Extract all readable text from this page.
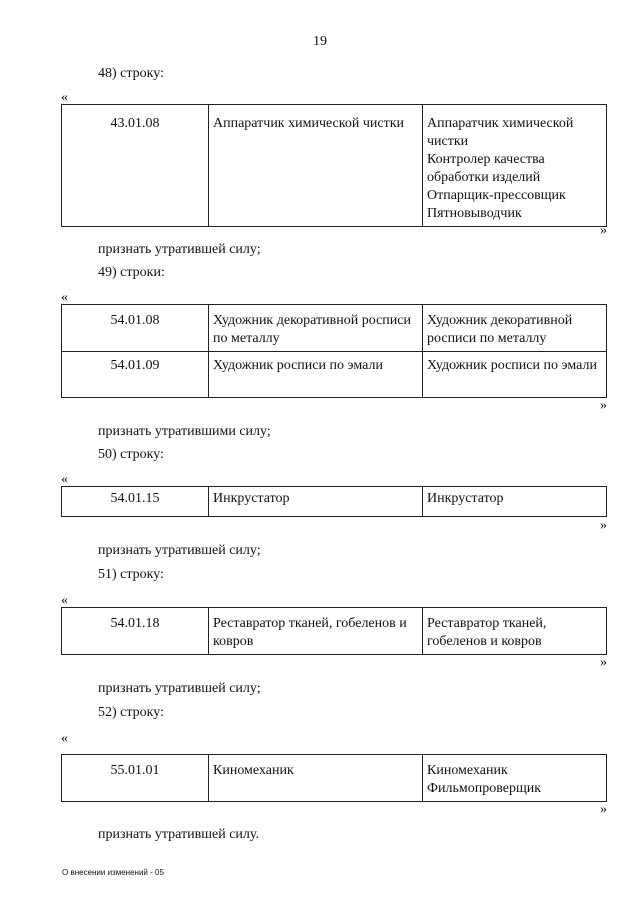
19
48) строку:
«
43.01.08	Аппаратчик химической чистки	Аппаратчик химической чистки
Контролер качества обработки изделий
Отпарщик-прессовщик
Пятновыводчик
»
признать утратившей силу;
49) строки:
«
54.01.08	Художник декоративной росписи по металлу	Художник декоративной росписи по металлу
54.01.09	Художник росписи по эмали	Художник росписи по эмали
»
признать утратившими силу;
50) строку:
«
54.01.15	Инкрустатор	Инкрустатор
»
признать утратившей силу;
51) строку:
«
54.01.18	Реставратор тканей, гобеленов и ковров	Реставратор тканей, гобеленов и ковров
»
признать утратившей силу;
52) строку:
«
55.01.01	Киномеханик	Киномеханик
Фильмопроверщик
»
признать утратившей силу.
О внесении изменений - 05
